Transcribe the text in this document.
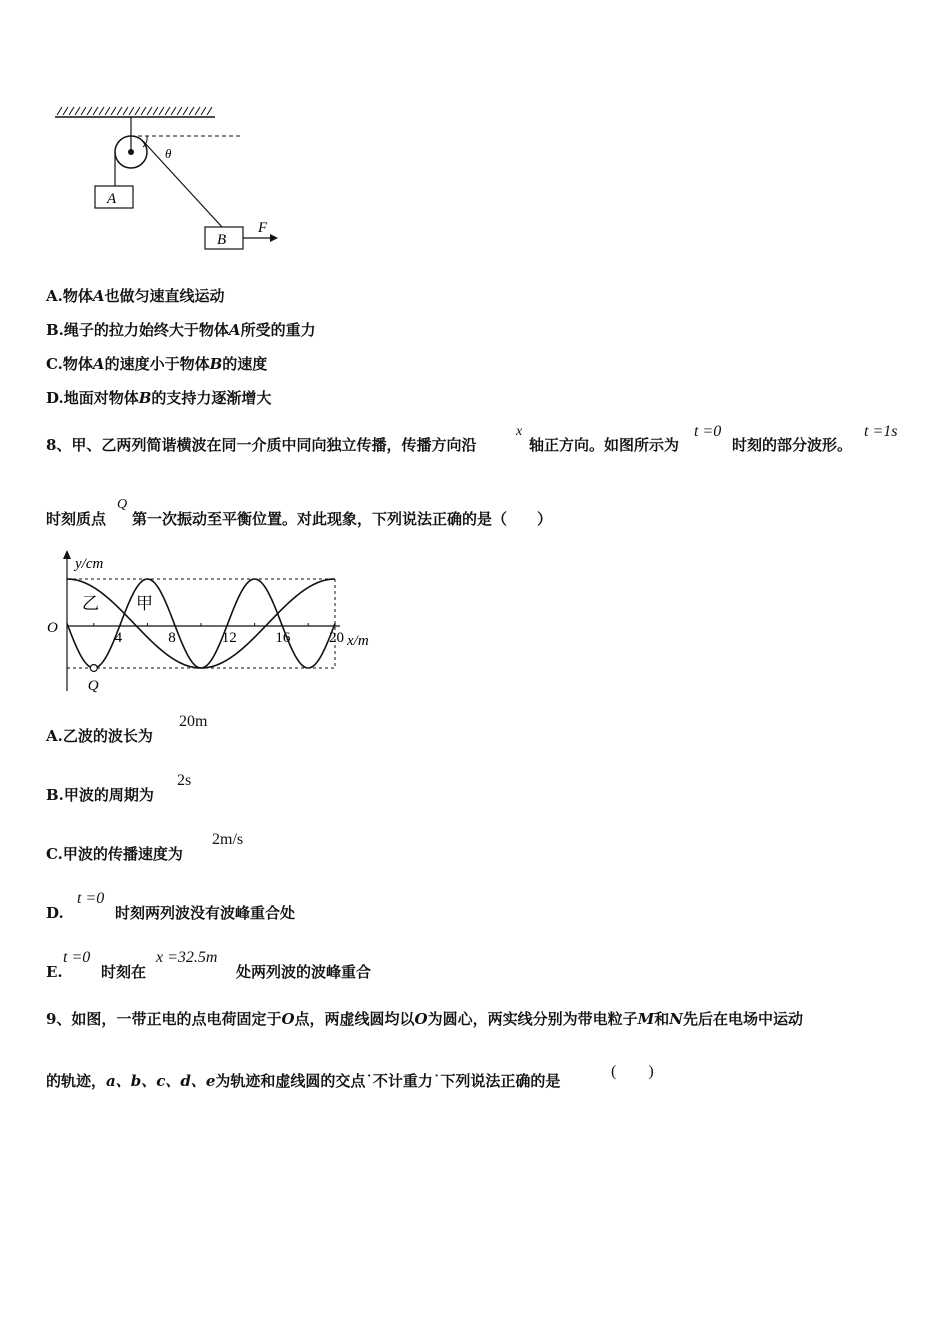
A
θ
B
F
A.物体A也做匀速直线运动
B.绳子的拉力始终大于物体A所受的重力
C.物体A的速度小于物体B的速度
D.地面对物体B的支持力逐渐增大
8、甲、乙两列简谐横波在同一介质中同向独立传播，传播方向沿
x
轴正方向。如图所示为
t =0
时刻的部分波形。
t =1s
时刻质点
Q
第一次振动至平衡位置。对此现象，下列说法正确的是（　　）
y/cm
x/m
O
4	8	12	16	20
乙 甲
Q
A.乙波的波长为
20m
B.甲波的周期为
2s
C.甲波的传播速度为
2m/s
D.
t =0
时刻两列波没有波峰重合处
E.
t =0
时刻在
x =32.5m
处两列波的波峰重合
9、如图，一带正电的点电荷固定于O点，两虚线圆均以O为圆心，两实线分别为带电粒子M和N先后在电场中运动
的轨迹，a、b、c、d、e为轨迹和虚线圆的交点˙不计重力˙下列说法正确的是
(　　)
